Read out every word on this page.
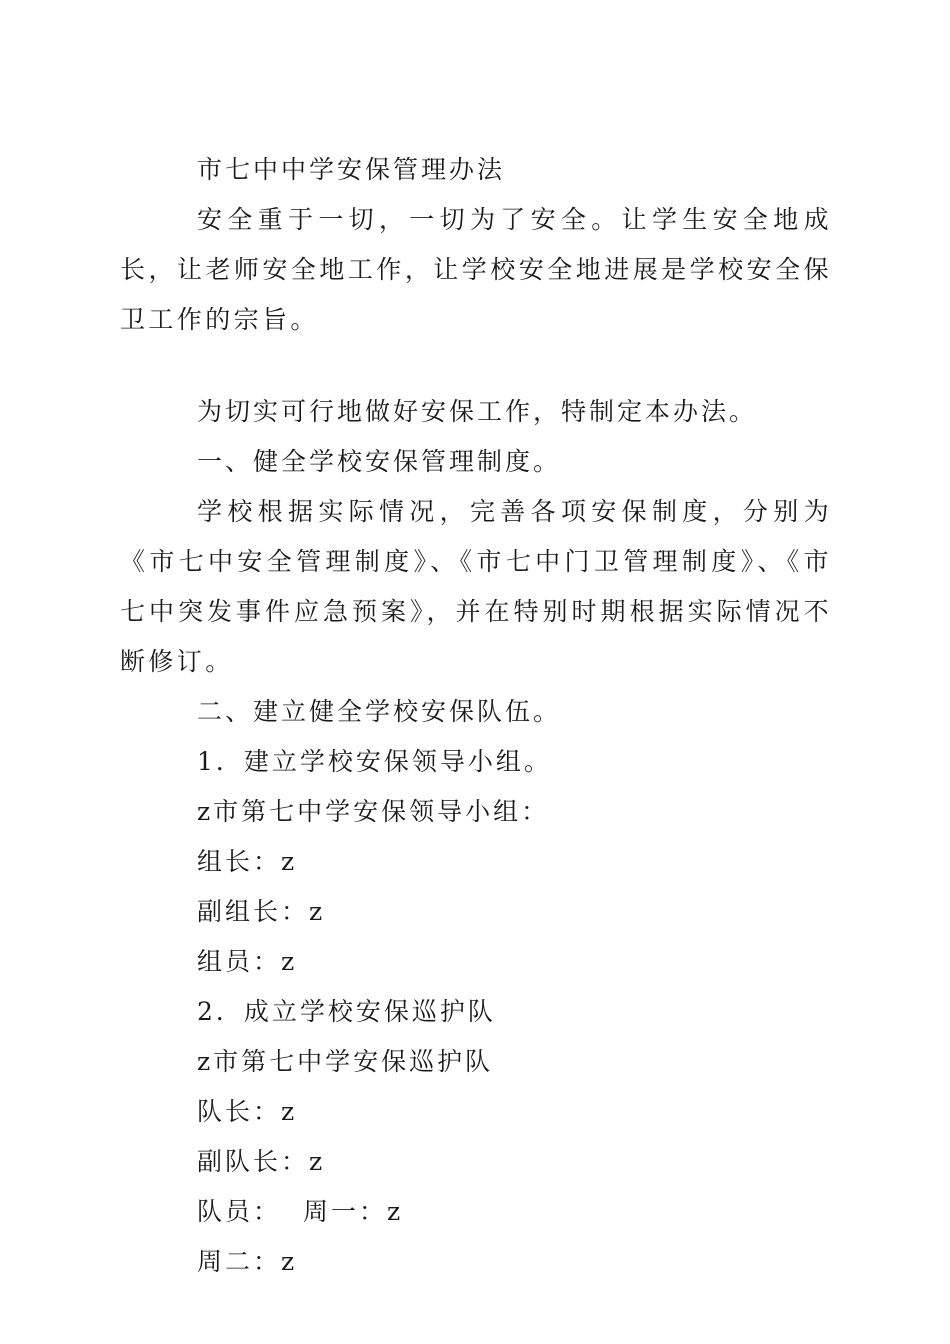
市七中中学安保管理办法

安全重于一切，一切为了安全。让学生安全地成长，让老师安全地工作，让学校安全地进展是学校安全保卫工作的宗旨。

为切实可行地做好安保工作，特制定本办法。
一、健全学校安保管理制度。

学校根据实际情况，完善各项安保制度，分别为《市七中安全管理制度》、《市七中门卫管理制度》、《市七中突发事件应急预案》，并在特别时期根据实际情况不断修订。

二、建立健全学校安保队伍。
1．建立学校安保领导小组。
z市第七中学安保领导小组：
组长：z
副组长：z
组员：z
2．成立学校安保巡护队
z市第七中学安保巡护队
队长：z
副队长：z
队员： 周一：z
周二：z
